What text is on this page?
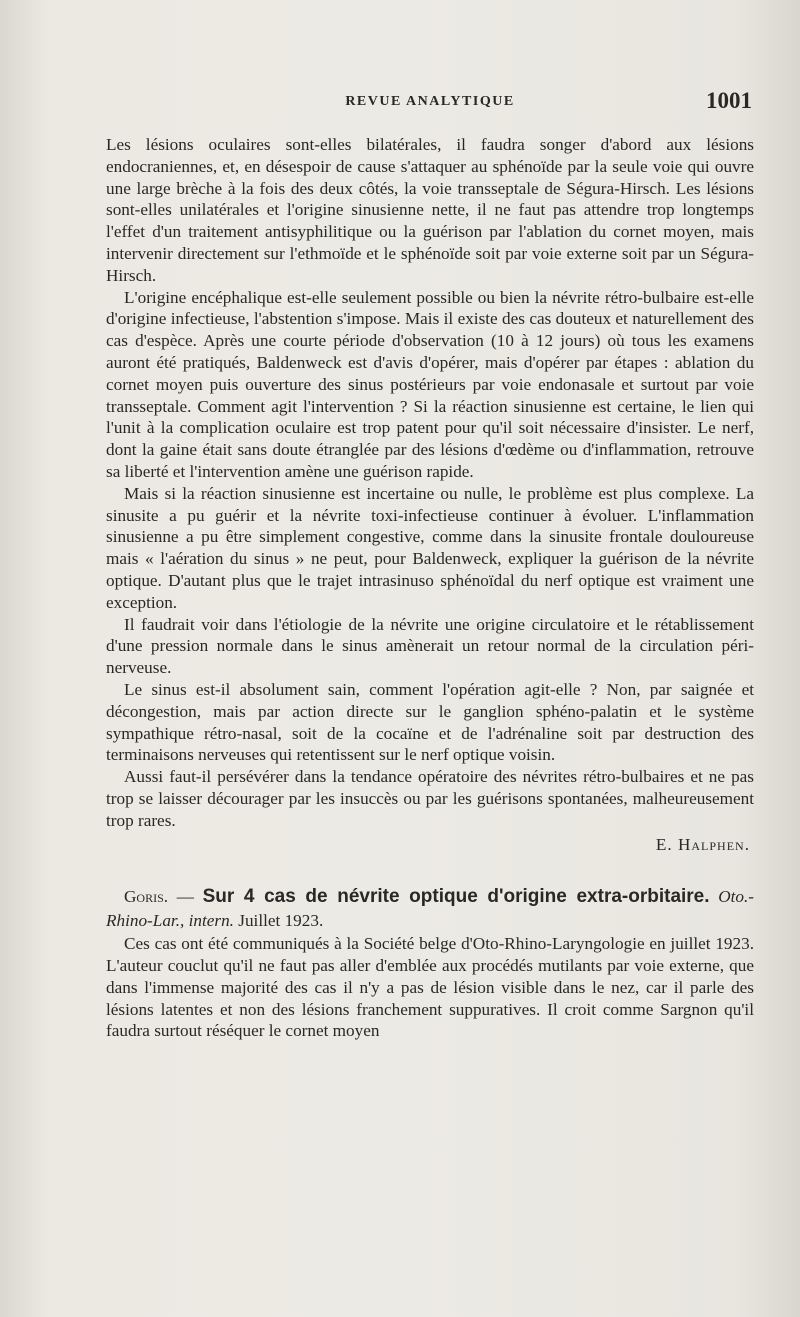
REVUE ANALYTIQUE	1001

Les lésions oculaires sont-elles bilatérales, il faudra songer d'abord aux lésions endocraniennes, et, en désespoir de cause s'attaquer au sphénoïde par la seule voie qui ouvre une large brèche à la fois des deux côtés, la voie transseptale de Ségura-Hirsch. Les lésions sont-elles unilatérales et l'origine sinusienne nette, il ne faut pas attendre trop longtemps l'effet d'un traitement antisyphilitique ou la guérison par l'ablation du cornet moyen, mais intervenir directement sur l'ethmoïde et le sphénoïde soit par voie externe soit par un Ségura-Hirsch.

L'origine encéphalique est-elle seulement possible ou bien la névrite rétro-bulbaire est-elle d'origine infectieuse, l'abstention s'impose. Mais il existe des cas douteux et naturellement des cas d'espèce. Après une courte période d'observation (10 à 12 jours) où tous les examens auront été pratiqués, Baldenweck est d'avis d'opérer, mais d'opérer par étapes : ablation du cornet moyen puis ouverture des sinus postérieurs par voie endonasale et surtout par voie transseptale. Comment agit l'intervention ? Si la réaction sinusienne est certaine, le lien qui l'unit à la complication oculaire est trop patent pour qu'il soit nécessaire d'insister. Le nerf, dont la gaine était sans doute étranglée par des lésions d'œdème ou d'inflammation, retrouve sa liberté et l'intervention amène une guérison rapide.

Mais si la réaction sinusienne est incertaine ou nulle, le problème est plus complexe. La sinusite a pu guérir et la névrite toxi-infectieuse continuer à évoluer. L'inflammation sinusienne a pu être simplement congestive, comme dans la sinusite frontale douloureuse mais « l'aération du sinus » ne peut, pour Baldenweck, expliquer la guérison de la névrite optique. D'autant plus que le trajet intrasinuso sphénoïdal du nerf optique est vraiment une exception.

Il faudrait voir dans l'étiologie de la névrite une origine circulatoire et le rétablissement d'une pression normale dans le sinus amènerait un retour normal de la circulation péri-nerveuse.

Le sinus est-il absolument sain, comment l'opération agit-elle ? Non, par saignée et décongestion, mais par action directe sur le ganglion sphéno-palatin et le système sympathique rétro-nasal, soit de la cocaïne et de l'adrénaline soit par destruction des terminaisons nerveuses qui retentissent sur le nerf optique voisin.

Aussi faut-il persévérer dans la tendance opératoire des névrites rétro-bulbaires et ne pas trop se laisser décourager par les insuccès ou par les guérisons spontanées, malheureusement trop rares.

E. Halphen.
Goris. — Sur 4 cas de névrite optique d'origine extra-orbitaire. Oto.-Rhino-Lar., intern. Juillet 1923.

Ces cas ont été communiqués à la Société belge d'Oto-Rhino-Laryngologie en juillet 1923. L'auteur couclut qu'il ne faut pas aller d'emblée aux procédés mutilants par voie externe, que dans l'immense majorité des cas il n'y a pas de lésion visible dans le nez, car il parle des lésions latentes et non des lésions franchement suppuratives. Il croit comme Sargnon qu'il faudra surtout réséquer le cornet moyen
